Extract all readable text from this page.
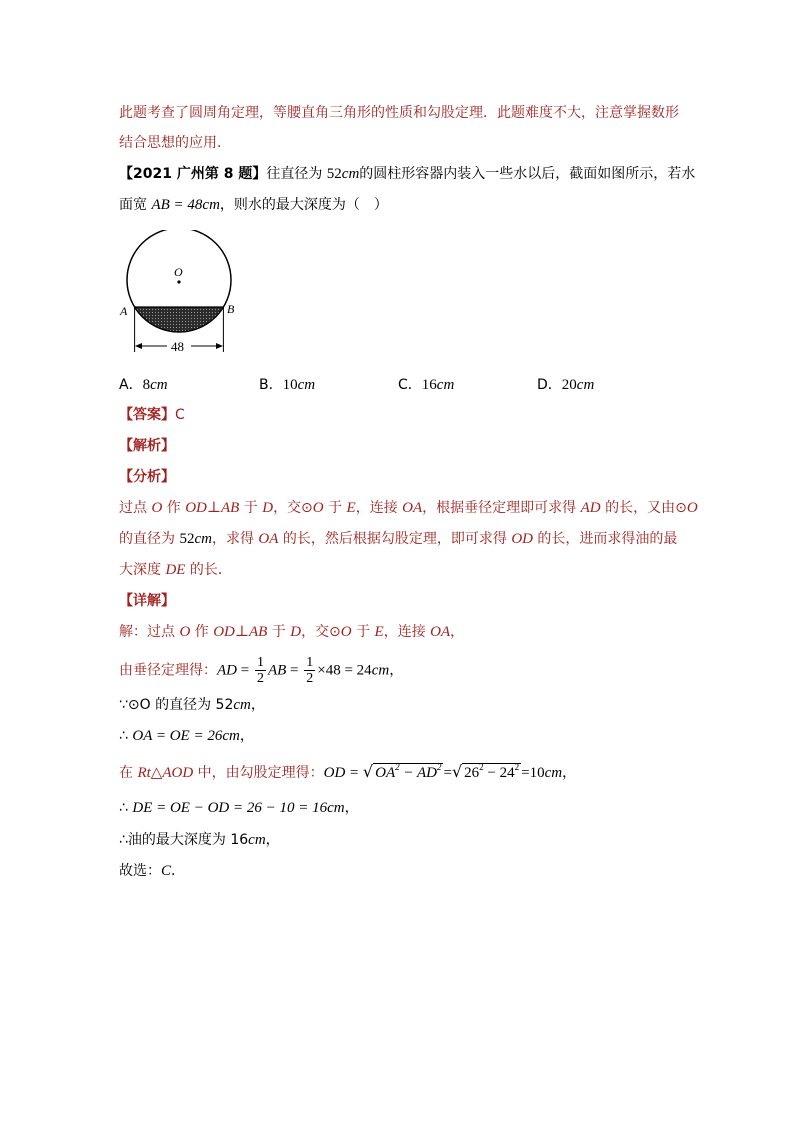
此题考查了圆周角定理，等腰直角三角形的性质和勾股定理．此题难度不大，注意掌握数形
结合思想的应用．
【2021 广州第 8 题】往直径为 52cm的圆柱形容器内装入一些水以后，截面如图所示，若水
面宽 AB = 48cm，则水的最大深度为（　）
O
A	B
48
A．8cm	B．10cm	C．16cm	D．20cm
【答案】C
【解析】
【分析】
过点 O 作 OD⊥AB 于 D，交⊙O 于 E，连接 OA，根据垂径定理即可求得 AD 的长，又由⊙O
的直径为 52cm，求得 OA 的长，然后根据勾股定理，即可求得 OD 的长，进而求得油的最
大深度 DE 的长．
【详解】
解：过点 O 作 OD⊥AB 于 D，交⊙O 于 E，连接 OA，
由垂径定理得：AD = $\frac{1}{2}$ AB = $\frac{1}{2} \times 48 = 24cm$，
∵⊙O 的直径为 52cm，
∴ OA = OE = 26cm，
在 Rt△AOD 中，由勾股定理得：OD = √ $OA^2 - AD^2$ =√ $26^2 - 24^2 =10cm$，
∴ DE = OE − OD = 26 − 10 = 16cm，
∴油的最大深度为 16cm，
故选：C．
